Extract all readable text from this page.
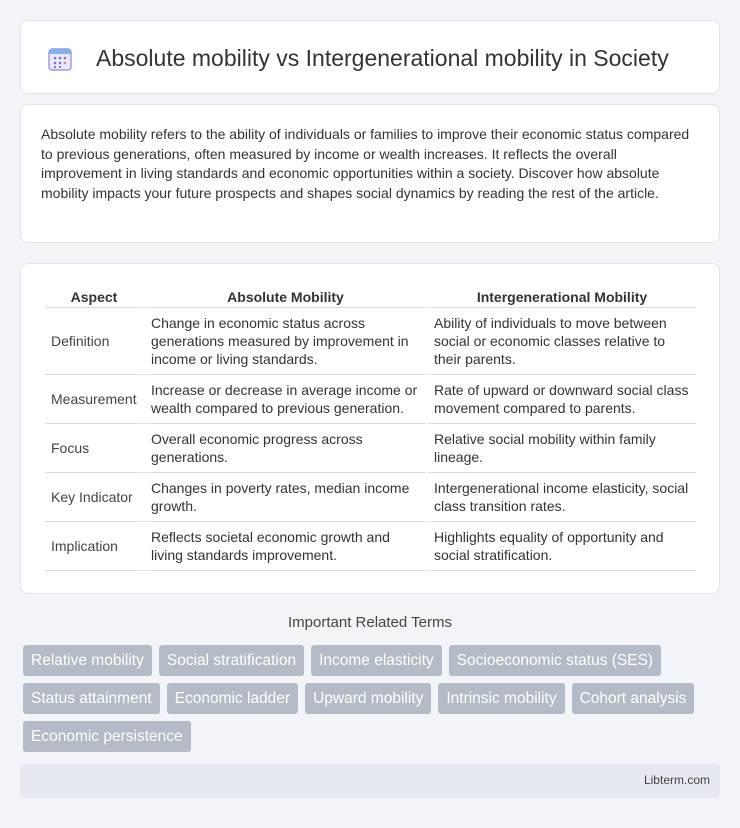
Absolute mobility vs Intergenerational mobility in Society

Absolute mobility refers to the ability of individuals or families to improve their economic status compared to previous generations, often measured by income or wealth increases. It reflects the overall improvement in living standards and economic opportunities within a society. Discover how absolute mobility impacts your future prospects and shapes social dynamics by reading the rest of the article.

Aspect	Absolute Mobility	Intergenerational Mobility
Definition	Change in economic status across generations measured by improvement in income or living standards.	Ability of individuals to move between social or economic classes relative to their parents.
Measurement	Increase or decrease in average income or wealth compared to previous generation.	Rate of upward or downward social class movement compared to parents.
Focus	Overall economic progress across generations.	Relative social mobility within family lineage.
Key Indicator	Changes in poverty rates, median income growth.	Intergenerational income elasticity, social class transition rates.
Implication	Reflects societal economic growth and living standards improvement.	Highlights equality of opportunity and social stratification.
Important Related Terms
Relative mobility	Social stratification	Income elasticity	Socioeconomic status (SES)
Status attainment	Economic ladder	Upward mobility	Intrinsic mobility	Cohort analysis
Economic persistence
Libterm.com
